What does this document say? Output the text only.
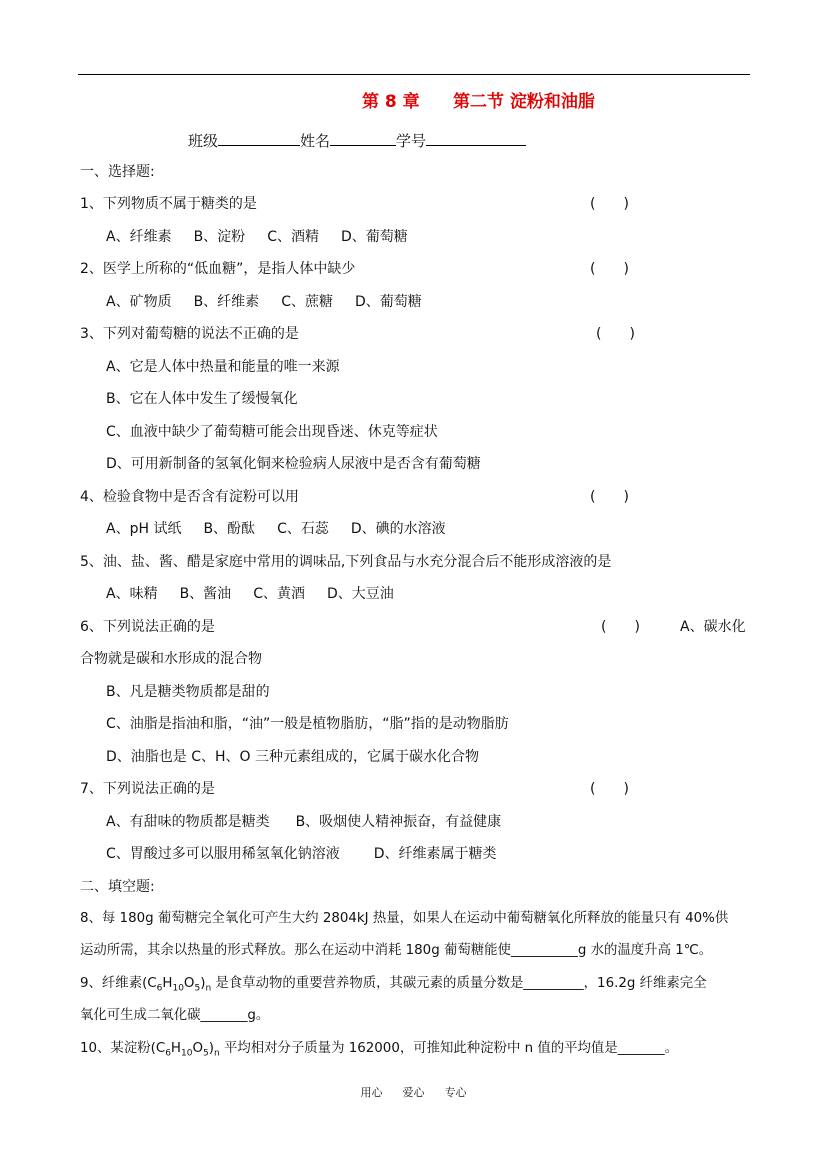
第 8 章 第二节 淀粉和油脂
班级	姓名	学号
一、选择题:
1、下列物质不属于糖类的是	(　　)
A、纤维素 B、淀粉 C、酒精 D、葡萄糖
2、医学上所称的“低血糖”，是指人体中缺少	(　　)
A、矿物质 B、纤维素 C、蔗糖 D、葡萄糖
3、下列对葡萄糖的说法不正确的是	(　　)
A、它是人体中热量和能量的唯一来源
B、它在人体中发生了缓慢氧化
C、血液中缺少了葡萄糖可能会出现昏迷、休克等症状
D、可用新制备的氢氧化铜来检验病人尿液中是否含有葡萄糖
4、检验食物中是否含有淀粉可以用	(　　)
A、pH 试纸 B、酚酞 C、石蕊 D、碘的水溶液
5、油、盐、酱、醋是家庭中常用的调味品,下列食品与水充分混合后不能形成溶液的是
A、味精 B、酱油 C、黄酒 D、大豆油
6、下列说法正确的是	(　　)	A、碳水化
合物就是碳和水形成的混合物
B、凡是糖类物质都是甜的
C、油脂是指油和脂，“油”一般是植物脂肪，“脂”指的是动物脂肪
D、油脂也是 C、H、O 三种元素组成的，它属于碳水化合物
7、下列说法正确的是	(　　)
A、有甜味的物质都是糖类 B、吸烟使人精神振奋，有益健康
C、胃酸过多可以服用稀氢氧化钠溶液 D、纤维素属于糖类
二、填空题:
8、每 180g 葡萄糖完全氧化可产生大约 2804kJ 热量，如果人在运动中葡萄糖氧化所释放的能量只有 40%供
运动所需，其余以热量的形式释放。那么在运动中消耗 180g 葡萄糖能使__________g 水的温度升高 1℃。
9、纤维素$(C_6H_{10}O_5)_n$ 是食草动物的重要营养物质，其碳元素的质量分数是_________，16.2g 纤维素完全
氧化可生成二氧化碳_______g。
10、某淀粉$(C_6H_{10}O_5)_n$ 平均相对分子质量为 162000，可推知此种淀粉中 n 值的平均值是_______。
用心 爱心 专心
